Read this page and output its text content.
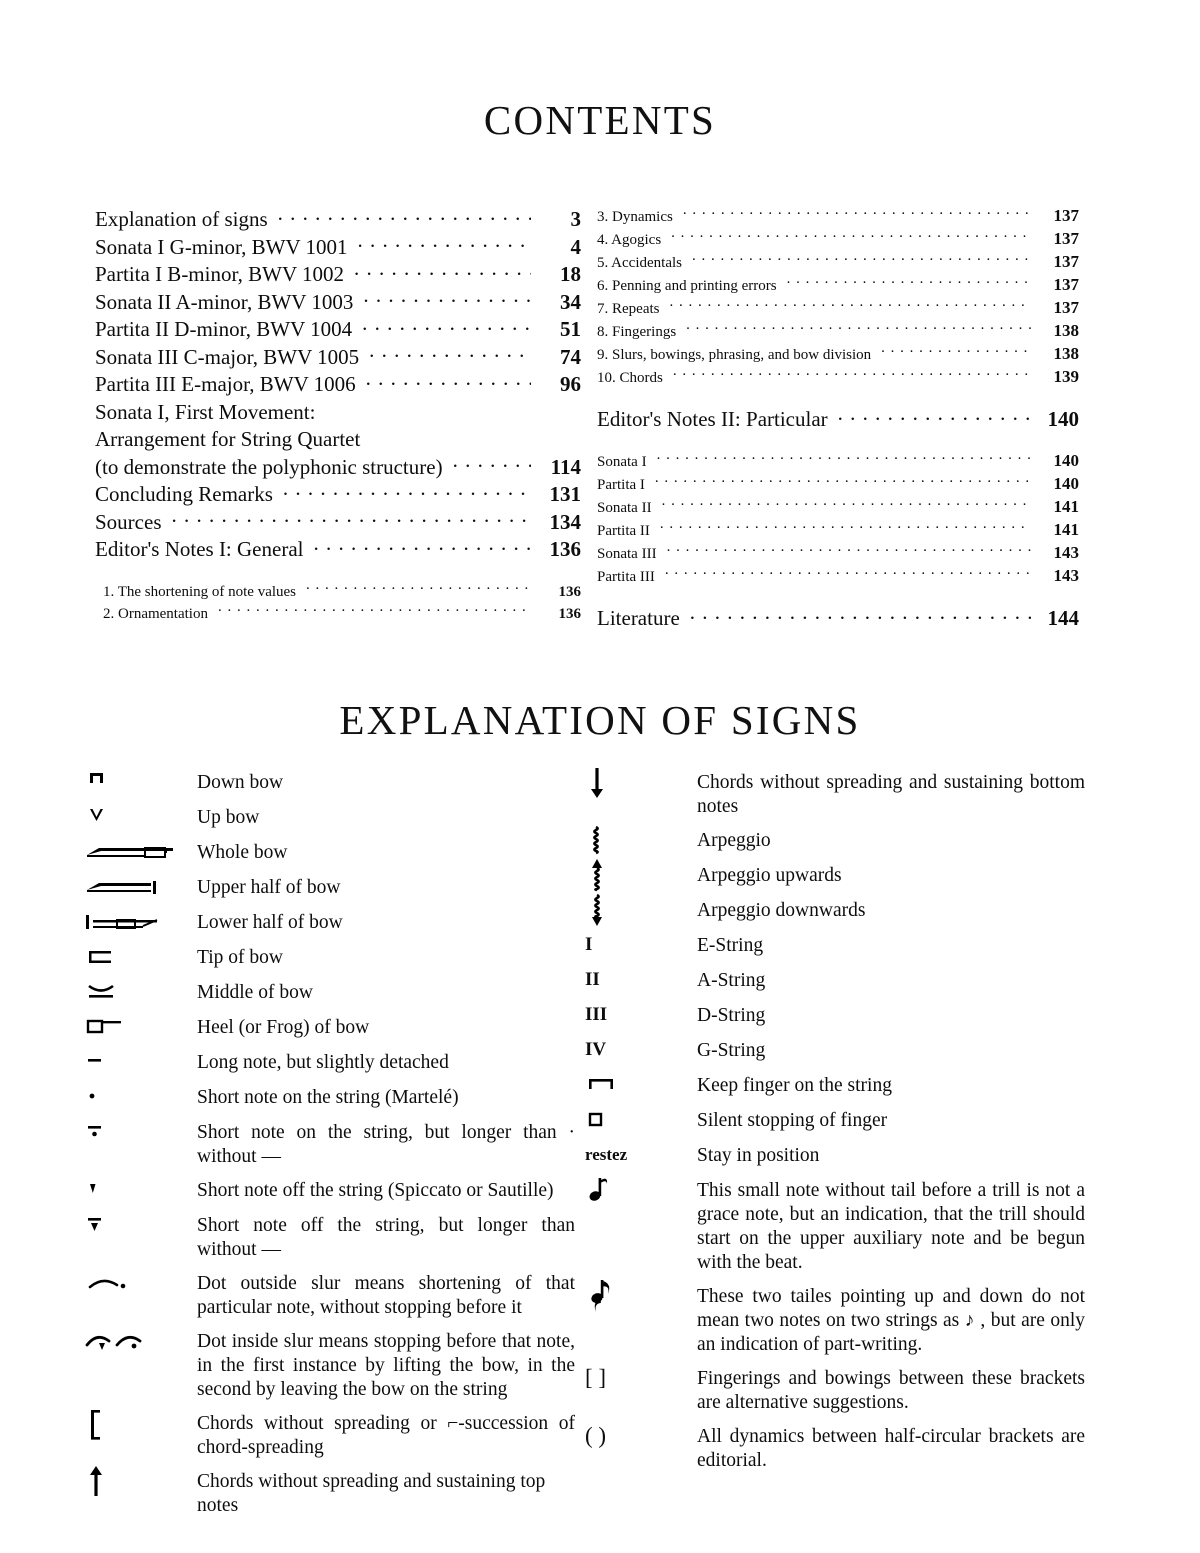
CONTENTS
Explanation of signs . . .	3
Sonata I G-minor, BWV 1001 . . .	4
Partita I B-minor, BWV 1002 . . .	18
Sonata II A-minor, BWV 1003 . . .	34
Partita II D-minor, BWV 1004 . . .	51
Sonata III C-major, BWV 1005 . . .	74
Partita III E-major, BWV 1006 . . .	96
Sonata I, First Movement:
Arrangement for String Quartet
(to demonstrate the polyphonic structure) . . .	114
Concluding Remarks . . .	131
Sources . . .	134
Editor's Notes I: General . . .	136
1. The shortening of note values . . .	136
2. Ornamentation . . .	136
3. Dynamics . . .	137
4. Agogics . . .	137
5. Accidentals . . .	137
6. Penning and printing errors . . .	137
7. Repeats . . .	137
8. Fingerings . . .	138
9. Slurs, bowings, phrasing, and bow division . . .	138
10. Chords . . .	139
Editor's Notes II: Particular . . .	140
Sonata I . . .	140
Partita I . . .	140
Sonata II . . .	141
Partita II . . .	141
Sonata III . . .	143
Partita III . . .	143
Literature . . .	144
EXPLANATION OF SIGNS
Down bow
Up bow
Whole bow
Upper half of bow
Lower half of bow
Tip of bow
Middle of bow
Heel (or Frog) of bow
Long note, but slightly detached
Short note on the string (Martelé)
Short note on the string, but longer than · without —
Short note off the string (Spiccato or Sautille)
Short note off the string, but longer than without —
Dot outside slur means shortening of that particular note, without stopping before it
Dot inside slur means stopping before that note, in the first instance by lifting the bow, in the second by leaving the bow on the string
Chords without spreading or ⌐-succession of chord-spreading
Chords without spreading and sustaining top notes
Chords without spreading and sustaining bottom notes
Arpeggio
Arpeggio upwards
Arpeggio downwards
I	E-String
II	A-String
III	D-String
IV	G-String
Keep finger on the string
Silent stopping of finger
restez	Stay in position
This small note without tail before a trill is not a grace note, but an indication, that the trill should start on the upper auxiliary note and be begun with the beat.
These two tailes pointing up and down do not mean two notes on two strings as ♪ , but are only an indication of part-writing.
[ ]	Fingerings and bowings between these brackets are alternative suggestions.
( )	All dynamics between half-circular brackets are editorial.
